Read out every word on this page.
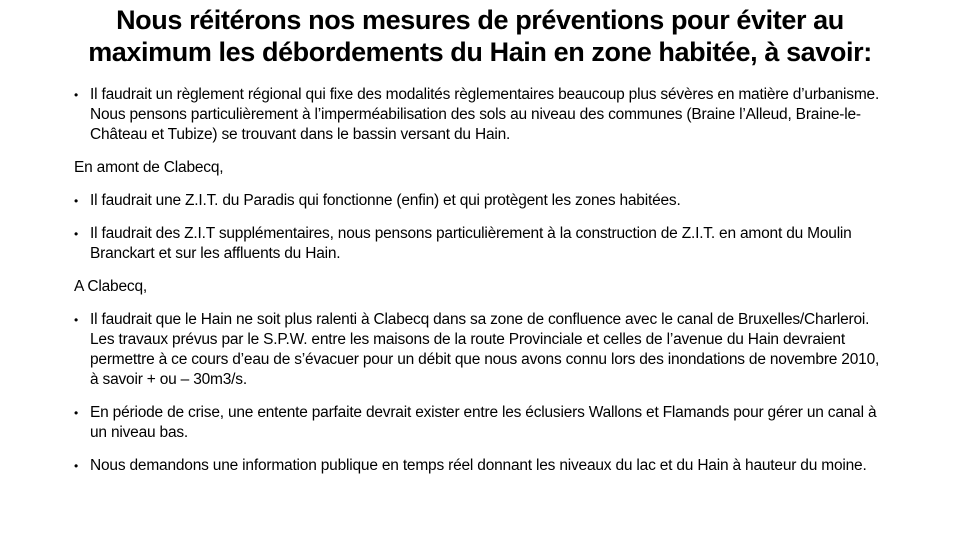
Nous réitérons nos mesures de préventions pour éviter au maximum les débordements du Hain en zone habitée, à savoir:
• Il faudrait un règlement régional qui fixe des modalités règlementaires beaucoup plus sévères en matière d’urbanisme. Nous pensons particulièrement à l’imperméabilisation des sols au niveau des communes (Braine l’Alleud, Braine-le-Château et Tubize) se trouvant dans le bassin versant du Hain.
En amont de Clabecq,
• Il faudrait une Z.I.T. du Paradis qui fonctionne (enfin) et qui protègent les zones habitées.
• Il faudrait des Z.I.T supplémentaires, nous pensons particulièrement à la construction de Z.I.T. en amont du Moulin Branckart et sur les affluents du Hain.
A Clabecq,
• Il faudrait que le Hain ne soit plus ralenti à Clabecq dans sa zone de confluence avec le canal de Bruxelles/Charleroi. Les travaux prévus par le S.P.W. entre les maisons de la route Provinciale et celles de l’avenue du Hain devraient permettre à ce cours d’eau de s’évacuer pour un débit que nous avons connu lors des inondations de novembre 2010, à savoir + ou – 30m3/s.
• En période de crise, une entente parfaite devrait exister entre les éclusiers Wallons et Flamands pour gérer un canal à un niveau bas.
• Nous demandons une information publique en temps réel donnant les niveaux du lac et du Hain à hauteur du moine.
